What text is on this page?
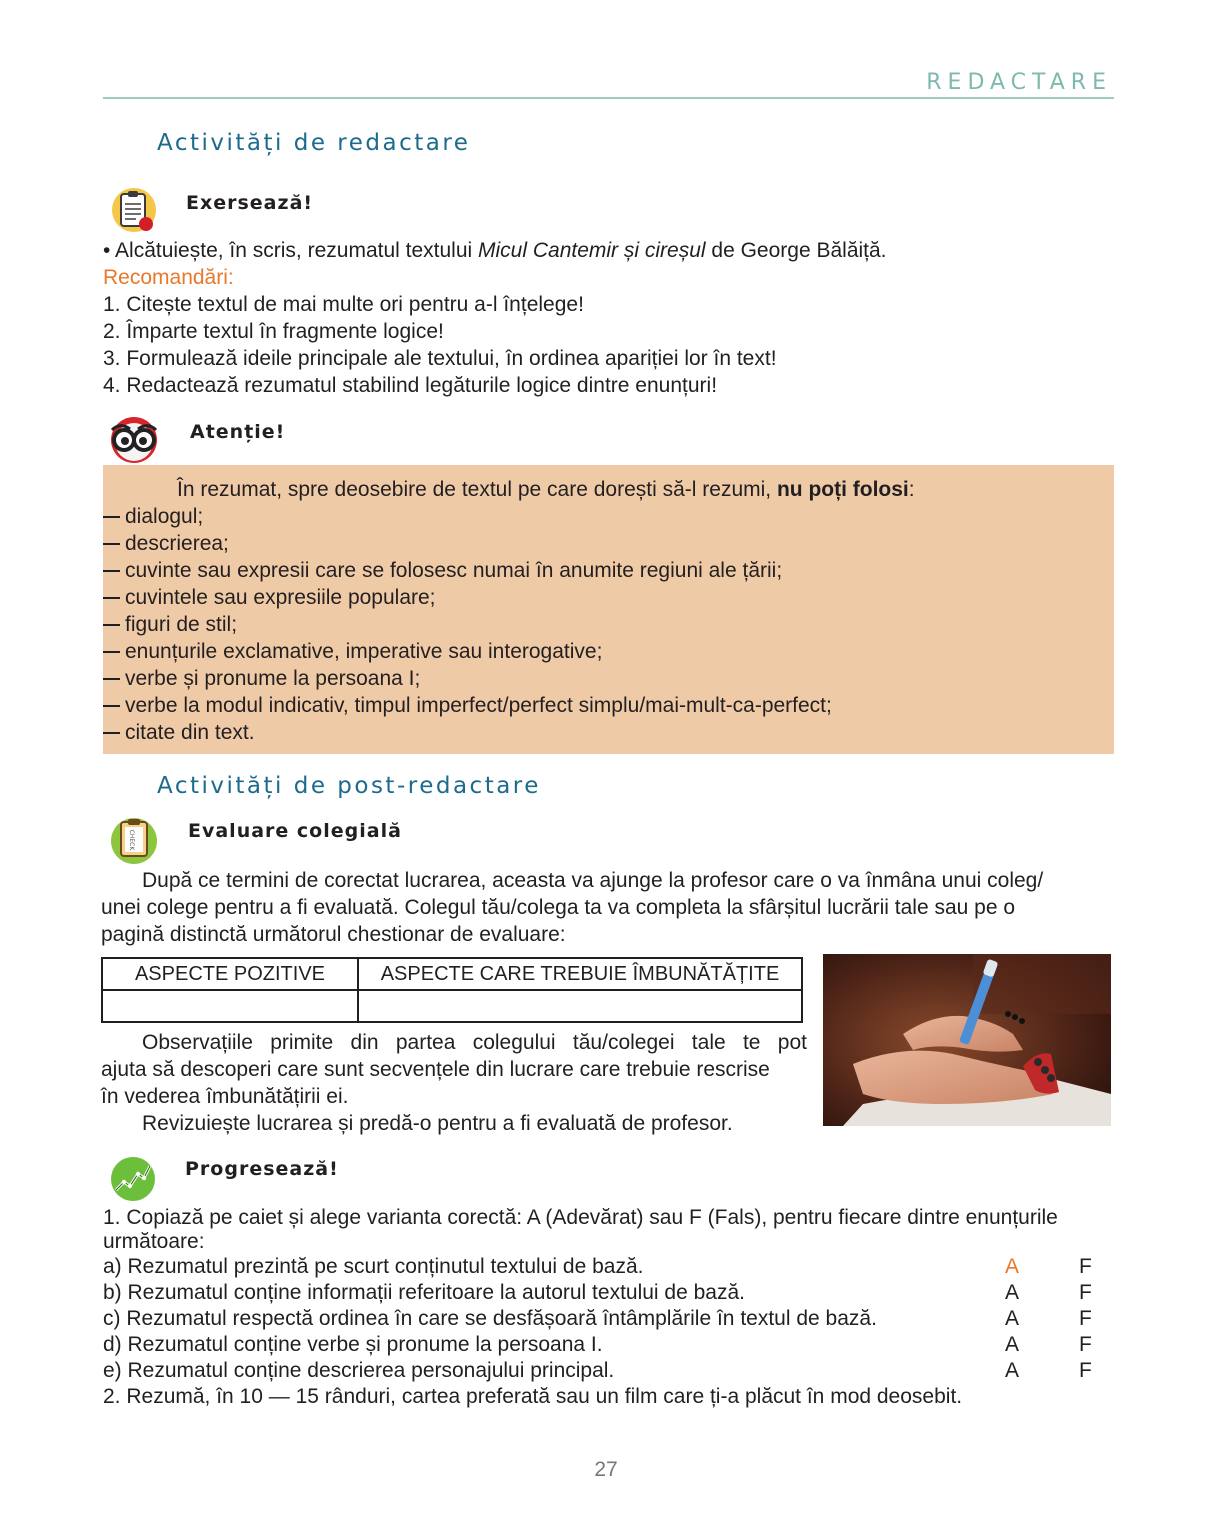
REDACTARE
Activități de redactare
Exersează!
• Alcătuiește, în scris, rezumatul textului Micul Cantemir și cireșul de George Bălăiță.
Recomandări:
1. Citește textul de mai multe ori pentru a-l înțelege!
2. Împarte textul în fragmente logice!
3. Formulează ideile principale ale textului, în ordinea apariției lor în text!
4. Redactează rezumatul stabilind legăturile logice dintre enunțuri!
Atenție!
În rezumat, spre deosebire de textul pe care dorești să-l rezumi, nu poți folosi:
dialogul;
descrierea;
cuvinte sau expresii care se folosesc numai în anumite regiuni ale țării;
cuvintele sau expresiile populare;
figuri de stil;
enunțurile exclamative, imperative sau interogative;
verbe și pronume la persoana I;
verbe la modul indicativ, timpul imperfect/perfect simplu/mai-mult-ca-perfect;
citate din text.
Activități de post-redactare
CHECK	Evaluare colegială
După ce termini de corectat lucrarea, aceasta va ajunge la profesor care o va înmâna unui coleg/
unei colege pentru a fi evaluată. Colegul tău/colega ta va completa la sfârșitul lucrării tale sau pe o
pagină distinctă următorul chestionar de evaluare:
ASPECTE POZITIVE	ASPECTE CARE TREBUIE ÎMBUNĂTĂȚITE

Observațiile primite din partea colegului tău/colegei tale te pot
ajuta să descoperi care sunt secvențele din lucrare care trebuie rescrise
în vederea îmbunătățirii ei.
Revizuiește lucrarea și predă-o pentru a fi evaluată de profesor.
Progresează!
1. Copiază pe caiet și alege varianta corectă: A (Adevărat) sau F (Fals), pentru fiecare dintre enunțurile
următoare:
a) Rezumatul prezintă pe scurt conținutul textului de bază.	A	F
b) Rezumatul conține informații referitoare la autorul textului de bază.	A	F
c) Rezumatul respectă ordinea în care se desfășoară întâmplările în textul de bază.	A	F
d) Rezumatul conține verbe și pronume la persoana I.	A	F
e) Rezumatul conține descrierea personajului principal.	A	F
2. Rezumă, în 10 — 15 rânduri, cartea preferată sau un film care ți-a plăcut în mod deosebit.
27
